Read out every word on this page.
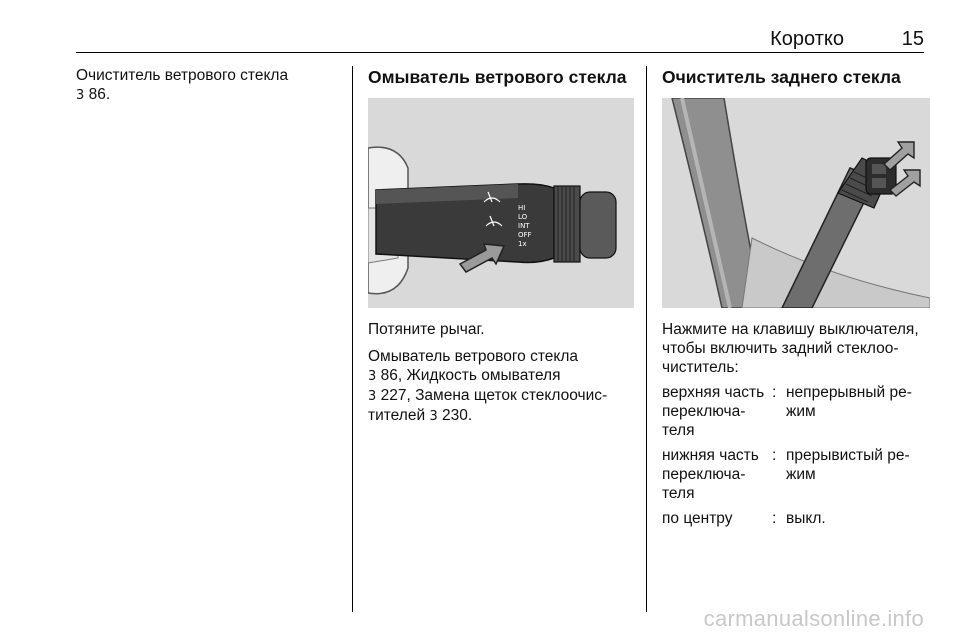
Коротко	15

Очиститель ветрового стекла

3 86.

Омыватель ветрового стекла
HI
LO
INT
OFF
1x

Потяните рычаг.

Омыватель ветрового стекла

3 86, Жидкость омывателя

3 227, Замена щеток стеклоочис-

тителей 3 230.

Очиститель заднего стекла

Нажмите на клавишу выключателя, чтобы включить задний стеклоо-чиститель:

верхняя часть переключа-теля
: непрерывный ре-жим
нижняя часть переключа-теля
: прерывистый ре-жим
по центру	: выкл.
carmanualsonline.info
